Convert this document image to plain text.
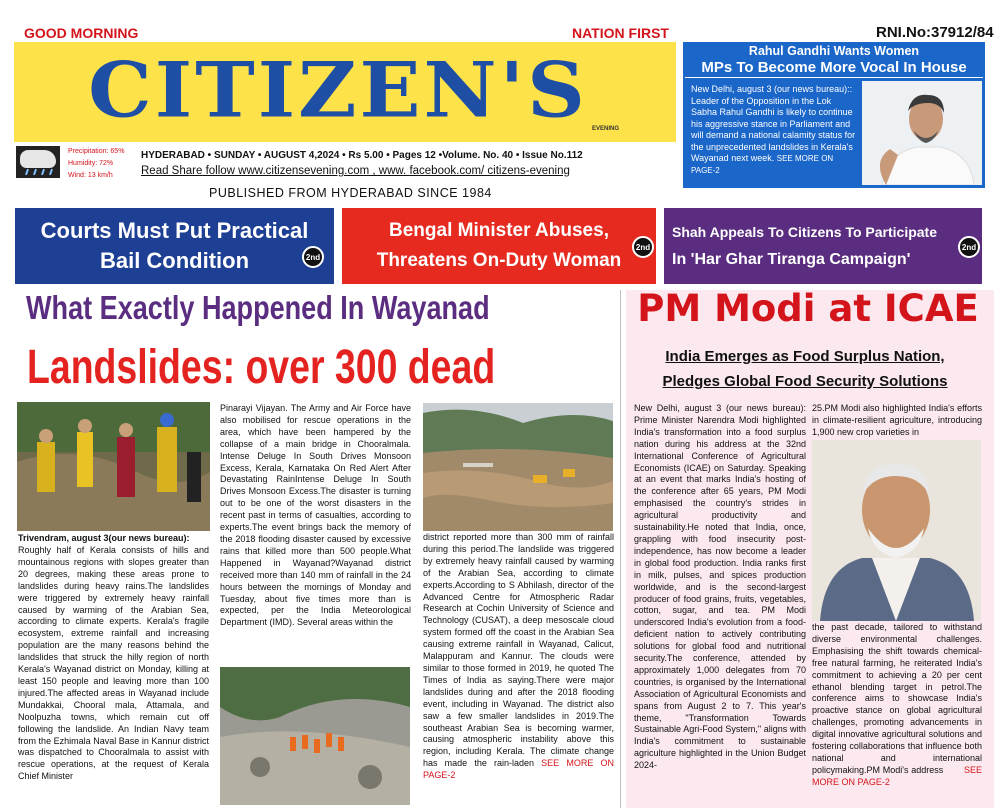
GOOD MORNING	NATION FIRST	RNI.No:37912/84
CITIZEN'S EVENING
Precipitation: 65%
Humidity: 72%
Wind: 13 km/h
HYDERABAD • SUNDAY • AUGUST 4,2024 • Rs 5.00 • Pages 12 •Volume. No. 40 • Issue No.112
Read Share follow www.citizensevening.com , www. facebook.com/ citizens-evening
PUBLISHED FROM HYDERABAD SINCE 1984
Rahul Gandhi Wants Women
MPs To Become More Vocal In House
New Delhi, august 3 (our news bureau):: Leader of the Opposition in the Lok Sabha Rahul Gandhi is likely to continue his aggressive stance in Parliament and will demand a national calamity status for the unprecedented landslides in Kerala's Wayanad next week. SEE MORE ON PAGE-2
Courts Must Put Practical
Bail Condition	2nd
Bengal Minister Abuses,
Threatens On-Duty Woman
2nd
Shah Appeals To Citizens To Participate
In 'Har Ghar Tiranga Campaign'
2nd
What Exactly Happened In Wayanad
Landslides: over 300 dead
Trivendram, august 3(our news bureau):
Roughly half of Kerala consists of hills and mountainous regions with slopes greater than 20 degrees, making these areas prone to landslides during heavy rains.The landslides were triggered by extremely heavy rainfall caused by warming of the Arabian Sea, according to climate experts. Kerala's fragile ecosystem, extreme rainfall and increasing population are the many reasons behind the landslides that struck the hilly region of north Kerala's Wayanad district on Monday, killing at least 150 people and leaving more than 100 injured.The affected areas in Wayanad include Mundakkai, Chooral mala, Attamala, and Noolpuzha towns, which remain cut off following the landslide. An Indian Navy team from the Ezhimala Naval Base in Kannur district was dispatched to Chooralmala to assist with rescue operations, at the request of Kerala Chief Minister
Pinarayi Vijayan. The Army and Air Force have also mobilised for rescue operations in the area, which have been hampered by the collapse of a main bridge in Chooralmala. Intense Deluge In South Drives Monsoon Excess, Kerala, Karnataka On Red Alert After Devastating RainIntense Deluge In South Drives Monsoon Excess.The disaster is turning out to be one of the worst disasters in the recent past in terms of casualties, according to experts.The event brings back the memory of the 2018 flooding disaster caused by excessive rains that killed more than 500 people.What Happened in Wayanad?Wayanad district received more than 140 mm of rainfall in the 24 hours between the mornings of Monday and Tuesday, about five times more than is expected, per the India Meteorological Department (IMD). Several areas within the
district reported more than 300 mm of rainfall during this period.The landslide was triggered by extremely heavy rainfall caused by warming of the Arabian Sea, according to climate experts.According to S Abhilash, director of the Advanced Centre for Atmospheric Radar Research at Cochin University of Science and Technology (CUSAT), a deep mesoscale cloud system formed off the coast in the Arabian Sea causing extreme rainfall in Wayanad, Calicut, Malappuram and Kannur. The clouds were similar to those formed in 2019, he quoted The Times of India as saying.There were major landslides during and after the 2018 flooding event, including in Wayanad. The district also saw a few smaller landslides in 2019.The southeast Arabian Sea is becoming warmer, causing atmospheric instability above this region, including Kerala. The climate change has made the rain-laden SEE MORE ON PAGE-2
PM Modi at ICAE
India Emerges as Food Surplus Nation,
Pledges Global Food Security Solutions
New Delhi, august 3 (our news bureau): Prime Minister Narendra Modi highlighted India's transformation into a food surplus nation during his address at the 32nd International Conference of Agricultural Economists (ICAE) on Saturday. Speaking at an event that marks India's hosting of the conference after 65 years, PM Modi emphasised the country's strides in agricultural productivity and sustainability.He noted that India, once, grappling with food insecurity post-independence, has now become a leader in global food production. India ranks first in milk, pulses, and spices production worldwide, and is the second-largest producer of food grains, fruits, vegetables, cotton, sugar, and tea. PM Modi underscored India's evolution from a food-deficient nation to actively contributing solutions for global food and nutritional security.The conference, attended by approximately 1,000 delegates from 70 countries, is organised by the International Association of Agricultural Economists and spans from August 2 to 7. This year's theme, "Transformation Towards Sustainable Agri-Food System," aligns with India's commitment to sustainable agriculture highlighted in the Union Budget 2024-
25.PM Modi also highlighted India's efforts in climate-resilient agriculture, introducing 1,900 new crop varieties in
the past decade, tailored to withstand diverse environmental challenges. Emphasising the shift towards chemical-free natural farming, he reiterated India's commitment to achieving a 20 per cent ethanol blending target in petrol.The conference aims to showcase India's proactive stance on global agricultural challenges, promoting advancements in digital innovative agricultural solutions and fostering collaborations that influence both national and international policymaking.PM Modi's address SEE MORE ON PAGE-2
